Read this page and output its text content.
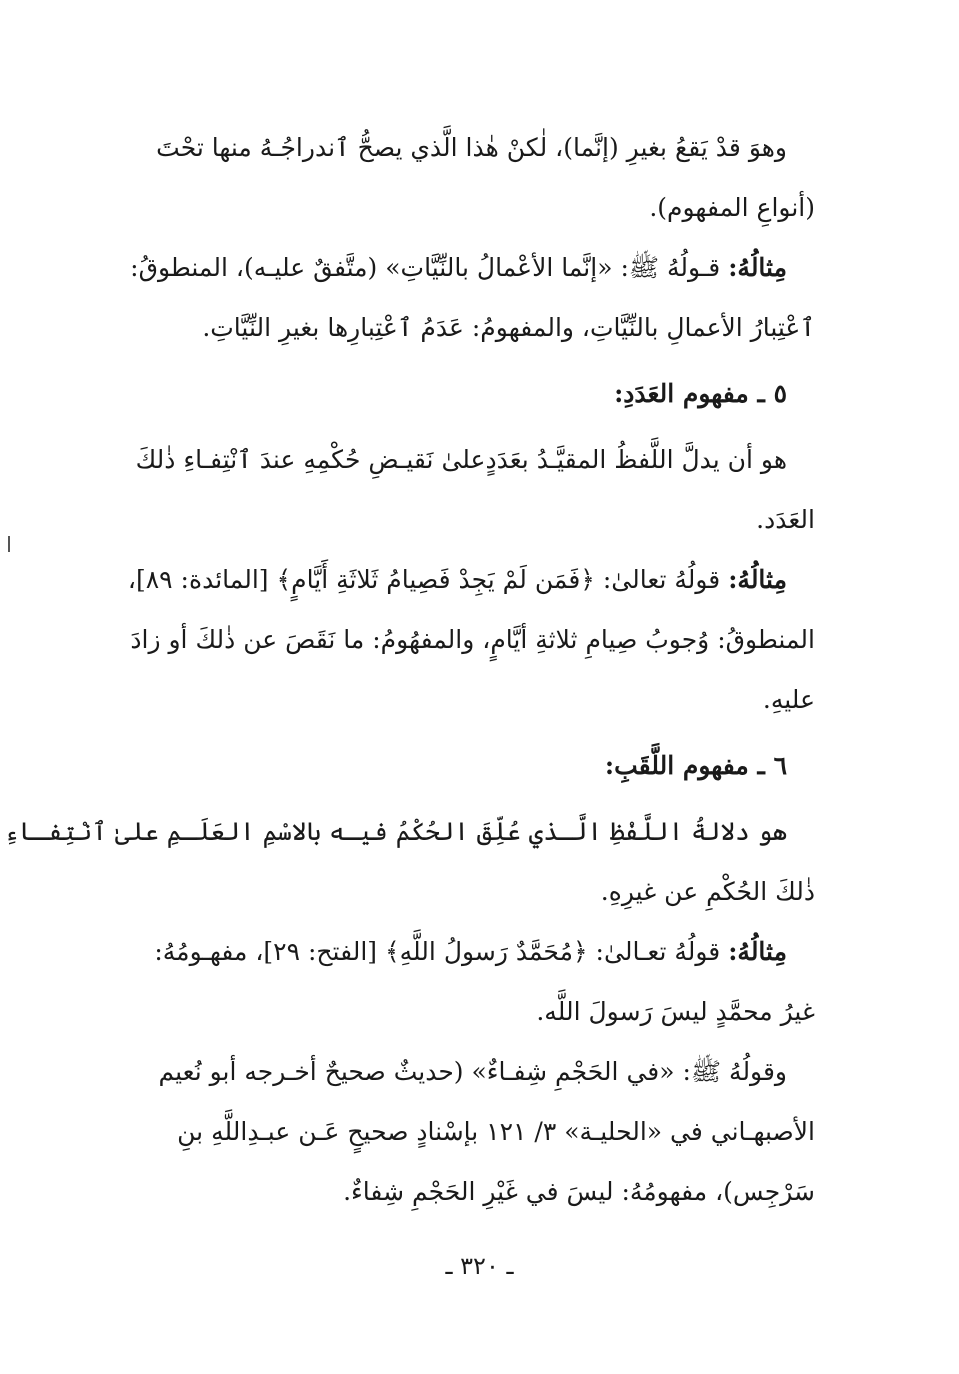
وهوَ قدْ يَقعُ بغيرِ (إنَّما)، لٰكنْ هٰذا الَّذي يصحُّ ٱندراجُـهُ منها تحْتَ

(أنواعِ المفهوم).

مِثالُهُ:

قـولُهُ ﷺ: «إنَّما الأعْمالُ بالنِّيَّاتِ» (متَّفقٌ عليـه)، المنطوقُ:

ٱعْتِبارُ الأعمالِ بالنِّيَّاتِ، والمفهومُ: عَدَمُ ٱعْتِبارِها بغيرِ النِّيَّاتِ.

٥ ـ مفهوم العَدَدِ:

هو أن يدلَّ اللَّفظُ المقيَّـدُ بعَدَدٍعلىٰ نَقيـضِ حُكْمِهِ عندَ ٱنْتِفـاءِ ذٰلكَ

العَدَد.

مِثالُهُ:

قولُهُ تعالىٰ: ﴿فَمَن لَمْ يَجِدْ فَصِيامُ ثَلاثَةِ أَيَّامٍ﴾ [المائدة: ٨٩]،

المنطوقُ: وُجوبُ صِيامِ ثلاثةِ أيَّامٍ، والمفهُومُ: ما نَقَصَ عن ذٰلكَ أو زادَ

عليهِ.

٦ ـ مفهوم اللَّقَبِ:

هو دلالةُ اللَّفْظِ الَّـذي عُلِّقَ الحُكْمُ فيـه بالاسْمِ العَلَـمِ علىٰ ٱنْتِفـاءِ

ذٰلكَ الحُكْمِ عن غيرِهِ.

مِثالُهُ:

قولُهُ تعـالىٰ: ﴿مُحَمَّدٌ رَسولُ اللَّهِ﴾ [الفتح: ٢٩]، مفهـومُهُ:

غيرُ محمَّدٍ ليسَ رَسولَ اللَّه.

وقولُهُ ﷺ: «في الحَجْمِ شِفـاءٌ» (حديثٌ صحيحٌ أخـرجه أبو نُعيم

الأصبهـاني في «الحليـة» ٣/ ١٢١ بإسْنادٍ صحيحٍ عَـن عبـدِاللَّهِ بنِ

سَرْجِس)، مفهومُهُ: ليسَ في غَيْرِ الحَجْمِ شِفاءٌ.

ـ ٣٢٠ ـ
